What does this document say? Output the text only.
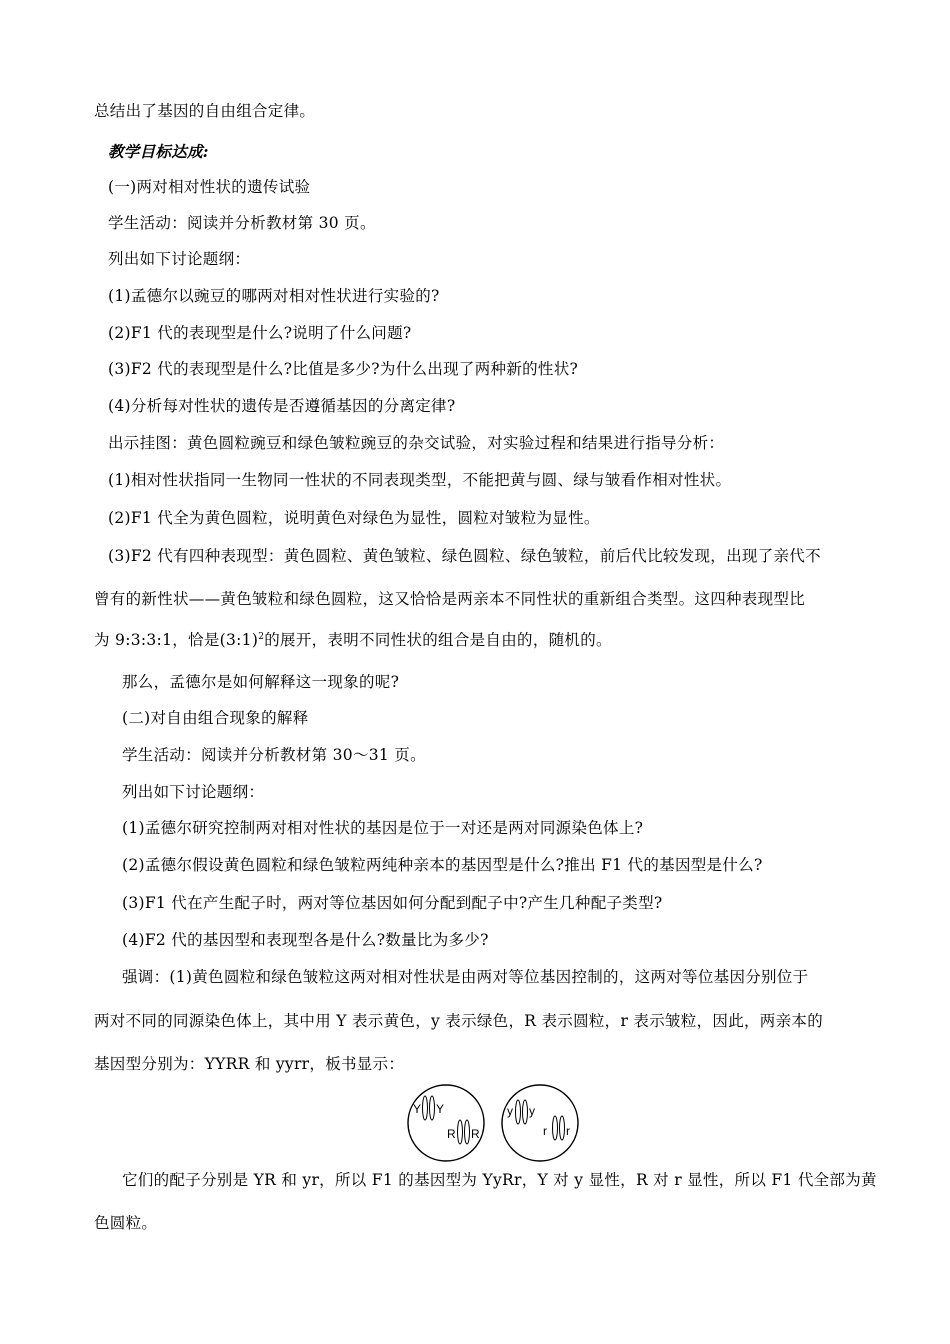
总结出了基因的自由组合定律。
教学目标达成:
(一)两对相对性状的遗传试验
学生活动：阅读并分析教材第 30 页。
列出如下讨论题纲：
(1)孟德尔以豌豆的哪两对相对性状进行实验的?
(2)F1 代的表现型是什么?说明了什么问题?
(3)F2 代的表现型是什么?比值是多少?为什么出现了两种新的性状?
(4)分析每对性状的遗传是否遵循基因的分离定律?
出示挂图：黄色圆粒豌豆和绿色皱粒豌豆的杂交试验，对实验过程和结果进行指导分析：
(1)相对性状指同一生物同一性状的不同表现类型，不能把黄与圆、绿与皱看作相对性状。
(2)F1 代全为黄色圆粒，说明黄色对绿色为显性，圆粒对皱粒为显性。
(3)F2 代有四种表现型：黄色圆粒、黄色皱粒、绿色圆粒、绿色皱粒，前后代比较发现，出现了亲代不
曾有的新性状——黄色皱粒和绿色圆粒，这又恰恰是两亲本不同性状的重新组合类型。这四种表现型比
为 9:3:3:1，恰是(3:1)$^2$的展开，表明不同性状的组合是自由的，随机的。
那么，孟德尔是如何解释这一现象的呢?
(二)对自由组合现象的解释
学生活动：阅读并分析教材第 30～31 页。
列出如下讨论题纲：
(1)孟德尔研究控制两对相对性状的基因是位于一对还是两对同源染色体上?
(2)孟德尔假设黄色圆粒和绿色皱粒两纯种亲本的基因型是什么?推出 F1 代的基因型是什么?
(3)F1 代在产生配子时，两对等位基因如何分配到配子中?产生几种配子类型?
(4)F2 代的基因型和表现型各是什么?数量比为多少?
强调：(1)黄色圆粒和绿色皱粒这两对相对性状是由两对等位基因控制的，这两对等位基因分别位于
两对不同的同源染色体上，其中用 Y 表示黄色，y 表示绿色，R 表示圆粒，r 表示皱粒，因此，两亲本的
基因型分别为：YYRR 和 yyrr，板书显示：
Y Y
R R
y y
r r
它们的配子分别是 YR 和 yr，所以 F1 的基因型为 YyRr，Y 对 y 显性，R 对 r 显性，所以 F1 代全部为黄
色圆粒。
